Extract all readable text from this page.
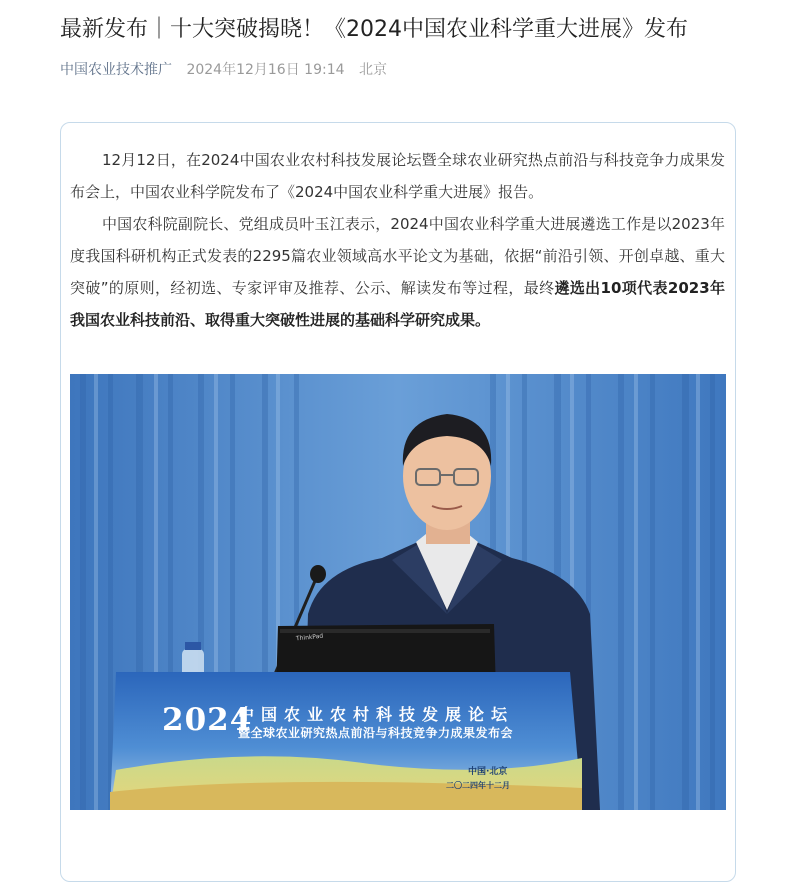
最新发布｜十大突破揭晓！《2024中国农业科学重大进展》发布
中国农业技术推广 2024年12月16日 19:14 北京

12月12日，在2024中国农业农村科技发展论坛暨全球农业研究热点前沿与科技竞争力成果发布会上，中国农业科学院发布了《2024中国农业科学重大进展》报告。

中国农科院副院长、党组成员叶玉江表示，2024中国农业科学重大进展遴选工作是以2023年度我国科研机构正式发表的2295篇农业领域高水平论文为基础，依据“前沿引领、开创卓越、重大突破”的原则，经初选、专家评审及推荐、公示、解读发布等过程，最终遴选出10项代表2023年我国农业科技前沿、取得重大突破性进展的基础科学研究成果。

ThinkPad
2024
中国农业农村科技发展论坛
暨全球农业研究热点前沿与科技竞争力成果发布会
中国·北京
二〇二四年十二月
